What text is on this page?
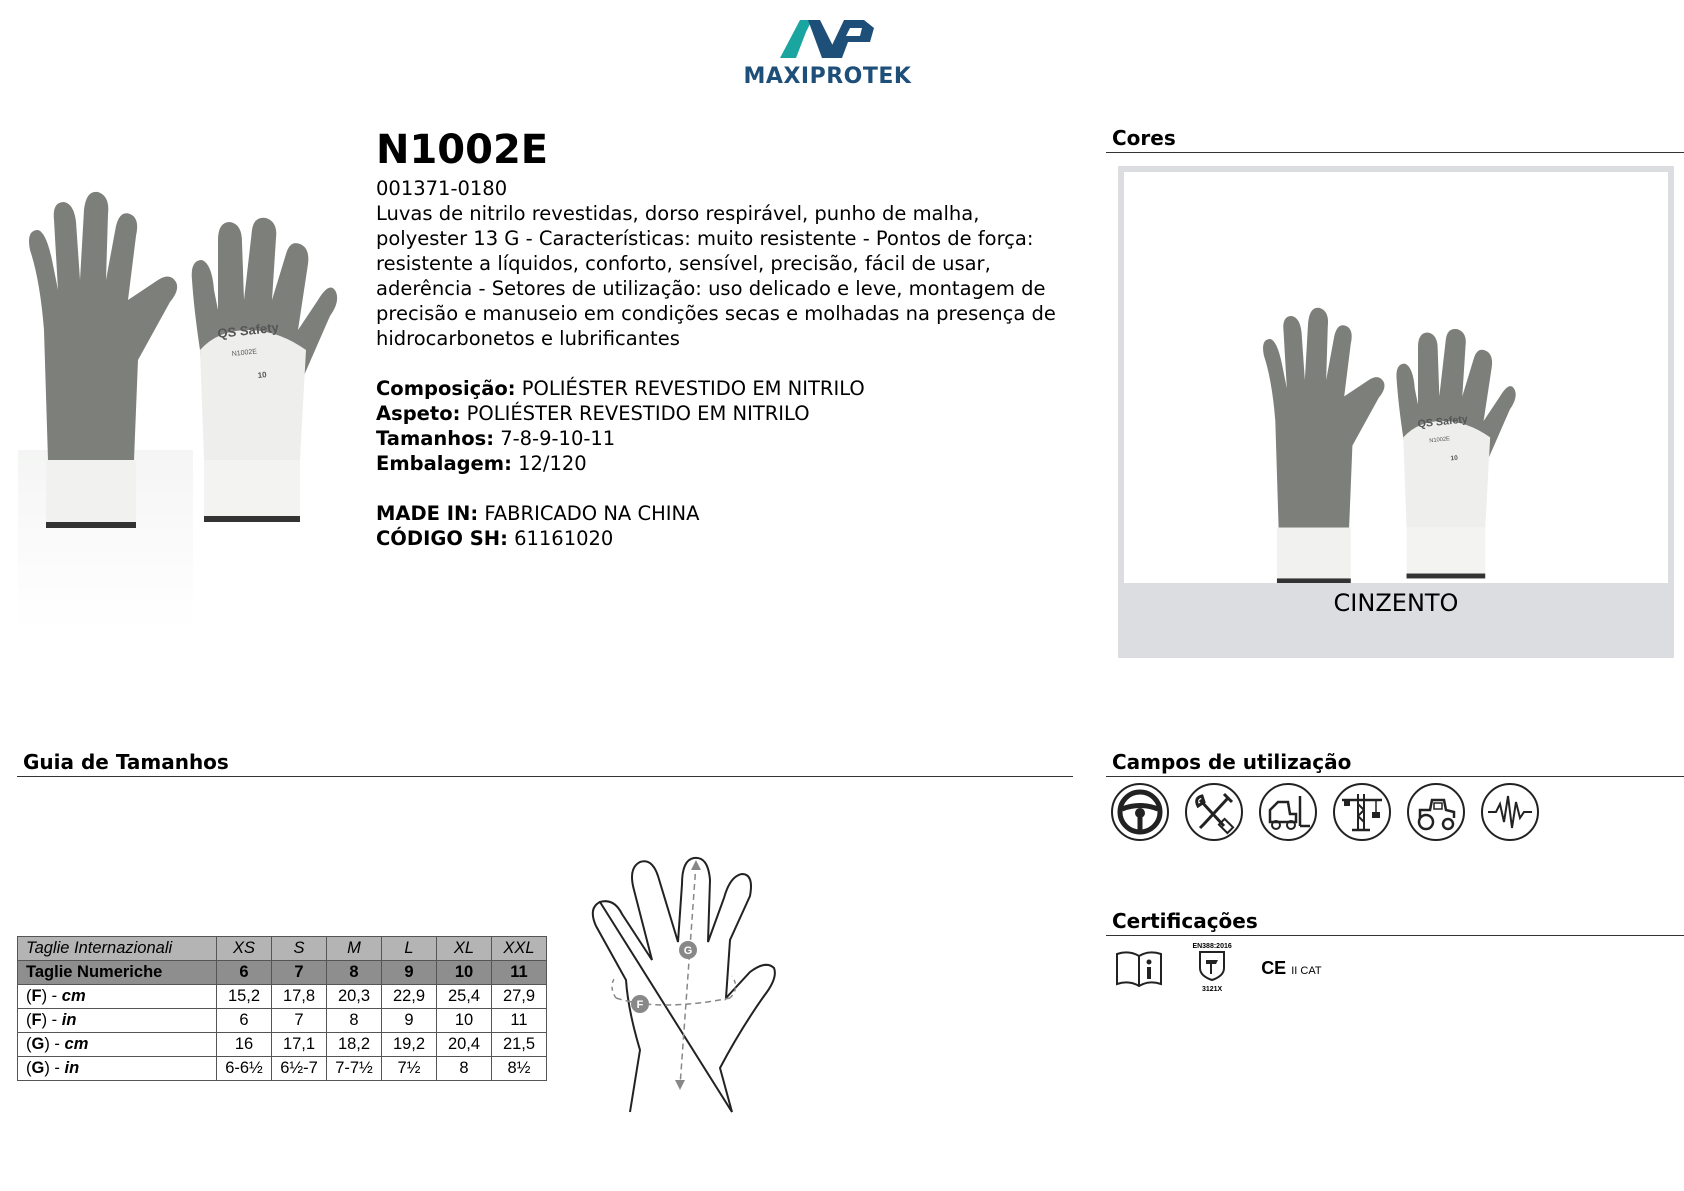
MAXIPROTEK
QS Safety
N1002E
10
N1002E
001371-0180

Luvas de nitrilo revestidas, dorso respirável, punho de malha, polyester 13 G - Características: muito resistente - Pontos de força: resistente a líquidos, conforto, sensível, precisão, fácil de usar, aderência - Setores de utilização: uso delicado e leve, montagem de precisão e manuseio em condições secas e molhadas na presença de hidrocarbonetos e lubrificantes

Composição: POLIÉSTER REVESTIDO EM NITRILO
Aspeto: POLIÉSTER REVESTIDO EM NITRILO
Tamanhos: 7-8-9-10-11
Embalagem: 12/120
MADE IN: FABRICADO NA CHINA
CÓDIGO SH: 61161020
Cores
QS Safety
N1002E
10
CINZENTO
Guia de Tamanhos
Taglie Internazionali	XS	S	M	L	XL	XXL
Taglie Numeriche	6	7	8	9	10	11
(F) - cm	15,2	17,8	20,3	22,9	25,4	27,9
(F) - in	6	7	8	9	10	11
(G) - cm	16	17,1	18,2	19,2	20,4	21,5
(G) - in	6-6½	6½-7	7-7½	7½	8	8½
G
F
Campos de utilização

Certificações

EN388:2016
3121X
CE II CAT
